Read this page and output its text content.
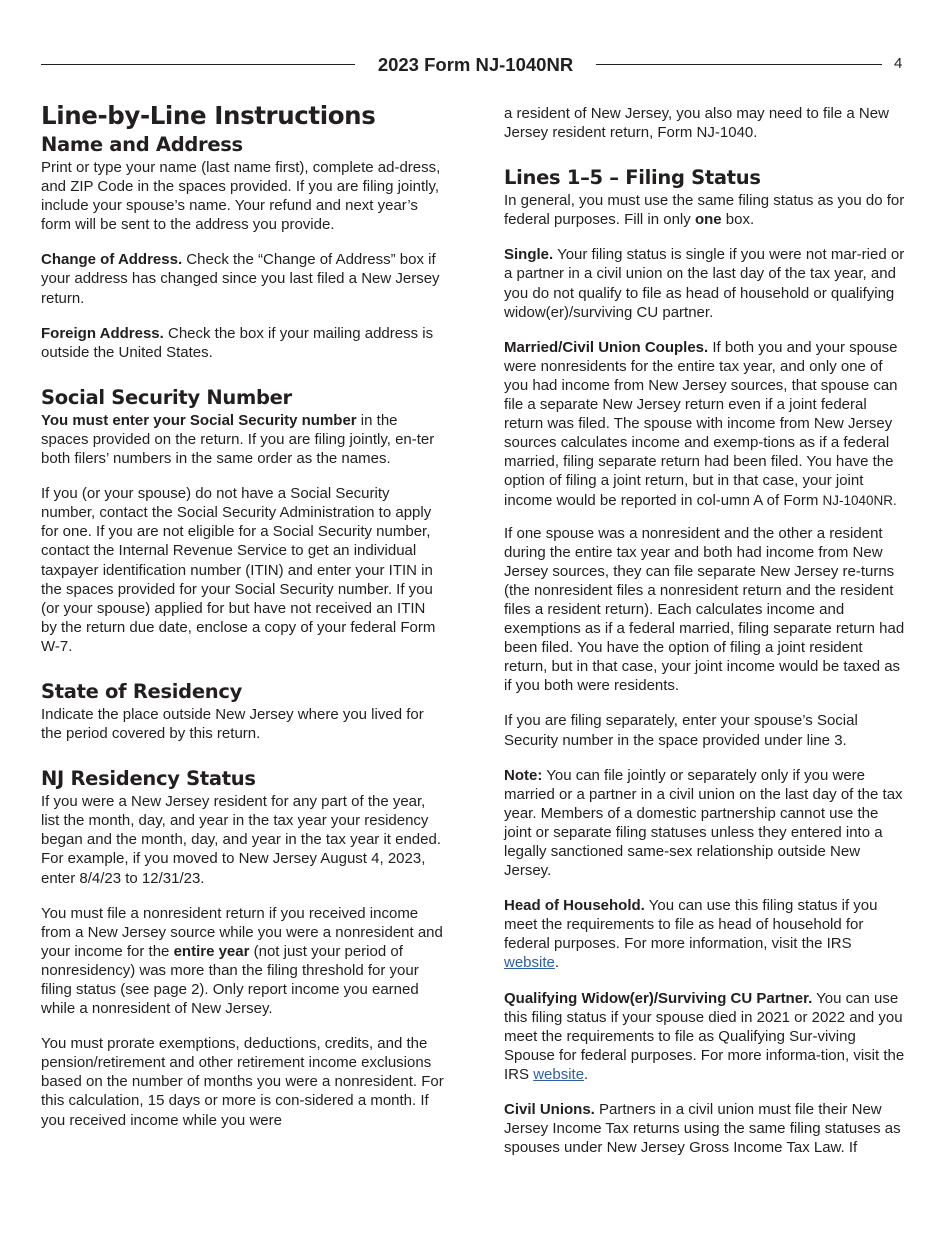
2023 Form NJ-1040NR	4
Line-by-Line Instructions
Name and Address

Print or type your name (last name first), complete ad-dress, and ZIP Code in the spaces provided. If you are filing jointly, include your spouse’s name. Your refund and next year’s form will be sent to the address you provide.

Change of Address. Check the “Change of Address” box if your address has changed since you last filed a New Jersey return.

Foreign Address. Check the box if your mailing address is outside the United States.

Social Security Number

You must enter your Social Security number in the spaces provided on the return. If you are filing jointly, en-ter both filers’ numbers in the same order as the names.

If you (or your spouse) do not have a Social Security number, contact the Social Security Administration to apply for one. If you are not eligible for a Social Security number, contact the Internal Revenue Service to get an individual taxpayer identification number (ITIN) and enter your ITIN in the spaces provided for your Social Security number. If you (or your spouse) applied for but have not received an ITIN by the return due date, enclose a copy of your federal Form W-7.

State of Residency

Indicate the place outside New Jersey where you lived for the period covered by this return.

NJ Residency Status

If you were a New Jersey resident for any part of the year, list the month, day, and year in the tax year your residency began and the month, day, and year in the tax year it ended. For example, if you moved to New Jersey August 4, 2023, enter 8/4/23 to 12/31/23.

You must file a nonresident return if you received income from a New Jersey source while you were a nonresident and your income for the entire year (not just your period of nonresidency) was more than the filing threshold for your filing status (see page 2). Only report income you earned while a nonresident of New Jersey.

You must prorate exemptions, deductions, credits, and the pension/retirement and other retirement income exclusions based on the number of months you were a nonresident. For this calculation, 15 days or more is con-sidered a month. If you received income while you were

a resident of New Jersey, you also may need to file a New Jersey resident return, Form NJ-1040.

Lines 1–5 – Filing Status

In general, you must use the same filing status as you do for federal purposes. Fill in only one box.

Single. Your filing status is single if you were not mar-ried or a partner in a civil union on the last day of the tax year, and you do not qualify to file as head of household or qualifying widow(er)/surviving CU partner.

Married/Civil Union Couples. If both you and your spouse were nonresidents for the entire tax year, and only one of you had income from New Jersey sources, that spouse can file a separate New Jersey return even if a joint federal return was filed. The spouse with income from New Jersey sources calculates income and exemp-tions as if a federal married, filing separate return had been filed. You have the option of filing a joint return, but in that case, your joint income would be reported in col-umn A of Form NJ-1040NR.

If one spouse was a nonresident and the other a resident during the entire tax year and both had income from New Jersey sources, they can file separate New Jersey re-turns (the nonresident files a nonresident return and the resident files a resident return). Each calculates income and exemptions as if a federal married, filing separate return had been filed. You have the option of filing a joint resident return, but in that case, your joint income would be taxed as if you both were residents.

If you are filing separately, enter your spouse’s Social Security number in the space provided under line 3.

Note: You can file jointly or separately only if you were married or a partner in a civil union on the last day of the tax year. Members of a domestic partnership cannot use the joint or separate filing statuses unless they entered into a legally sanctioned same-sex relationship outside New Jersey.

Head of Household. You can use this filing status if you meet the requirements to file as head of household for federal purposes. For more information, visit the IRS website.

Qualifying Widow(er)/Surviving CU Partner. You can use this filing status if your spouse died in 2021 or 2022 and you meet the requirements to file as Qualifying Sur-viving Spouse for federal purposes. For more informa-tion, visit the IRS website.

Civil Unions. Partners in a civil union must file their New Jersey Income Tax returns using the same filing statuses as spouses under New Jersey Gross Income Tax Law. If
